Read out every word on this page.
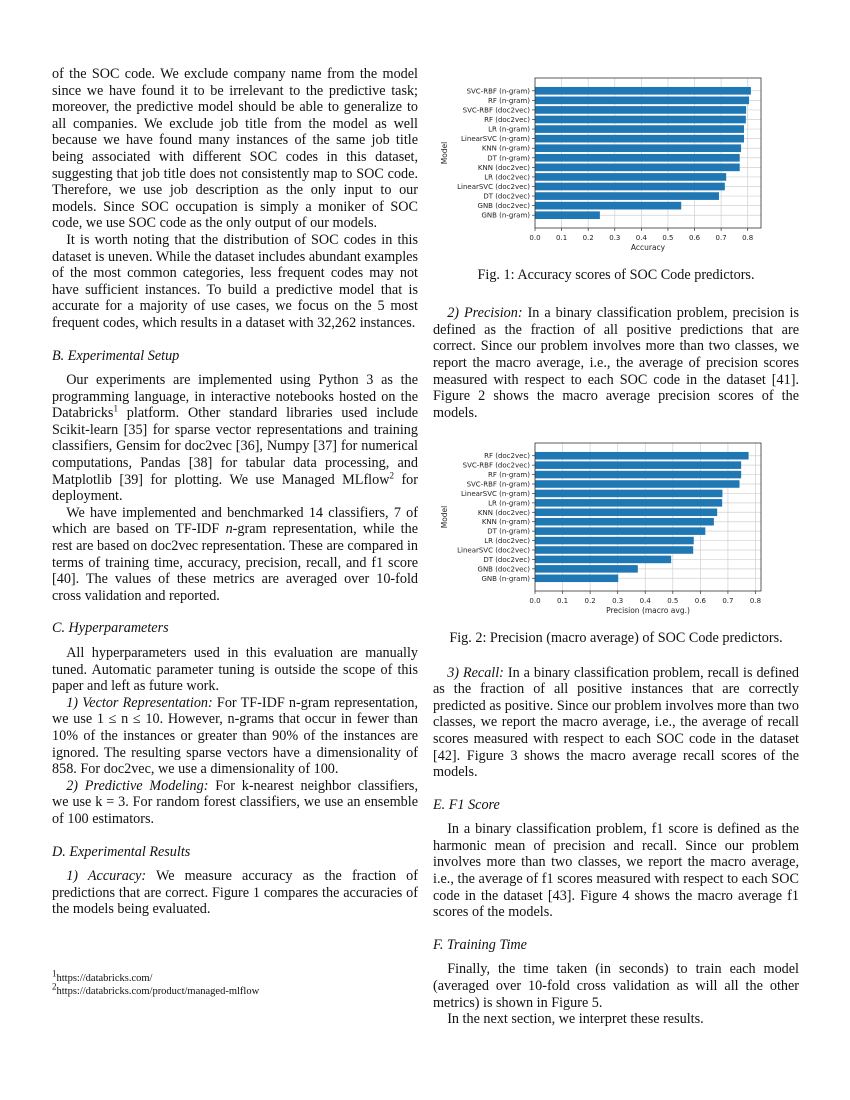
of the SOC code. We exclude company name from the model since we have found it to be irrelevant to the predictive task; moreover, the predictive model should be able to generalize to all companies. We exclude job title from the model as well because we have found many instances of the same job title being associated with different SOC codes in this dataset, suggesting that job title does not consistently map to SOC code. Therefore, we use job description as the only input to our models. Since SOC occupation is simply a moniker of SOC code, we use SOC code as the only output of our models.

It is worth noting that the distribution of SOC codes in this dataset is uneven. While the dataset includes abundant examples of the most common categories, less frequent codes may not have sufficient instances. To build a predictive model that is accurate for a majority of use cases, we focus on the 5 most frequent codes, which results in a dataset with 32,262 instances.

B. Experimental Setup

Our experiments are implemented using Python 3 as the programming language, in interactive notebooks hosted on the Databricks$^1$ platform. Other standard libraries used include Scikit-learn [35] for sparse vector representations and training classifiers, Gensim for doc2vec [36], Numpy [37] for numerical computations, Pandas [38] for tabular data processing, and Matplotlib [39] for plotting. We use Managed MLflow$^2$ for deployment.

We have implemented and benchmarked 14 classifiers, 7 of which are based on TF-IDF n-gram representation, while the rest are based on doc2vec representation. These are compared in terms of training time, accuracy, precision, recall, and f1 score [40]. The values of these metrics are averaged over 10-fold cross validation and reported.

C. Hyperparameters

All hyperparameters used in this evaluation are manually tuned. Automatic parameter tuning is outside the scope of this paper and left as future work.

1) Vector Representation: For TF-IDF n-gram representation, we use 1 ≤ n ≤ 10. However, n-grams that occur in fewer than 10% of the instances or greater than 90% of the instances are ignored. The resulting sparse vectors have a dimensionality of 858. For doc2vec, we use a dimensionality of 100.

2) Predictive Modeling: For k-nearest neighbor classifiers, we use k = 3. For random forest classifiers, we use an ensemble of 100 estimators.

D. Experimental Results

1) Accuracy: We measure accuracy as the fraction of predictions that are correct. Figure 1 compares the accuracies of the models being evaluated.

$^1$https://databricks.com/
$^2$https://databricks.com/product/managed-mlflow
0.0 0.1 0.2 0.3 0.4 0.5 0.6 0.7 0.8
SVC-RBF (n-gram)
RF (n-gram)
SVC-RBF (doc2vec)
RF (doc2vec)
LR (n-gram)
LinearSVC (n-gram)
KNN (n-gram)
DT (n-gram)
KNN (doc2vec)
LR (doc2vec)
LinearSVC (doc2vec)
DT (doc2vec)
GNB (doc2vec)
GNB (n-gram)
Accuracy
Model
Fig. 1: Accuracy scores of SOC Code predictors.

2) Precision: In a binary classification problem, precision is defined as the fraction of all positive predictions that are correct. Since our problem involves more than two classes, we report the macro average, i.e., the average of precision scores measured with respect to each SOC code in the dataset [41]. Figure 2 shows the macro average precision scores of the models.

0.0 0.1 0.2 0.3 0.4 0.5 0.6 0.7 0.8
RF (doc2vec)
SVC-RBF (doc2vec)
RF (n-gram)
SVC-RBF (n-gram)
LinearSVC (n-gram)
LR (n-gram)
KNN (doc2vec)
KNN (n-gram)
DT (n-gram)
LR (doc2vec)
LinearSVC (doc2vec)
DT (doc2vec)
GNB (doc2vec)
GNB (n-gram)
Precision (macro avg.)
Model
Fig. 2: Precision (macro average) of SOC Code predictors.

3) Recall: In a binary classification problem, recall is defined as the fraction of all positive instances that are correctly predicted as positive. Since our problem involves more than two classes, we report the macro average, i.e., the average of recall scores measured with respect to each SOC code in the dataset [42]. Figure 3 shows the macro average recall scores of the models.

E. F1 Score

In a binary classification problem, f1 score is defined as the harmonic mean of precision and recall. Since our problem involves more than two classes, we report the macro average, i.e., the average of f1 scores measured with respect to each SOC code in the dataset [43]. Figure 4 shows the macro average f1 scores of the models.

F. Training Time

Finally, the time taken (in seconds) to train each model (averaged over 10-fold cross validation as will all the other metrics) is shown in Figure 5.

In the next section, we interpret these results.
